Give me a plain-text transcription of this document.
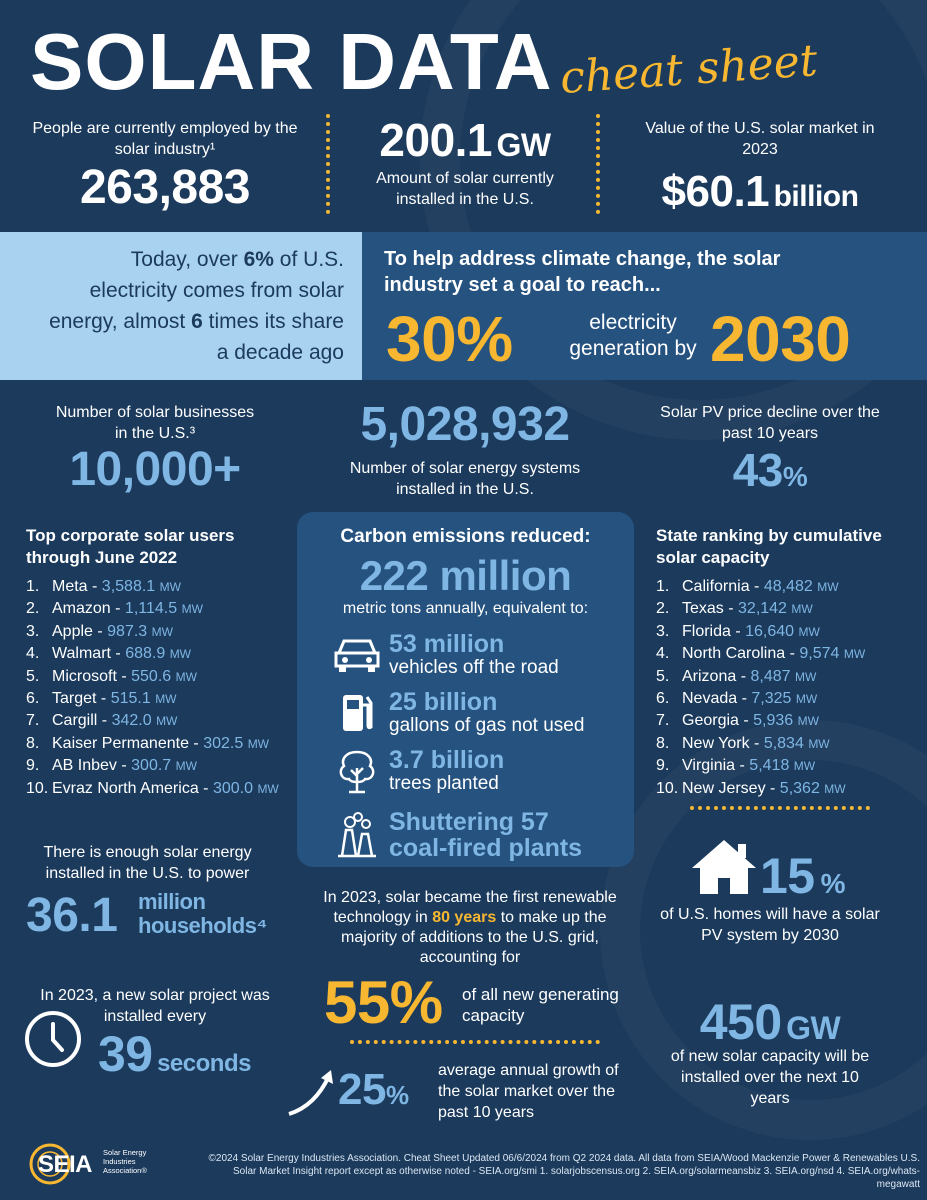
SOLAR DATA cheat sheet
People are currently employed by the solar industry¹
263,883
200.1 GW
Amount of solar currently installed in the U.S.
Value of the U.S. solar market in 2023
$60.1 billion
Today, over 6% of U.S. electricity comes from solar energy, almost 6 times its share a decade ago
To help address climate change, the solar industry set a goal to reach...
30%	electricity generation by 2030
Number of solar businesses in the U.S.³
10,000+
5,028,932
Number of solar energy systems installed in the U.S.
Solar PV price decline over the past 10 years
43%
Top corporate solar users through June 2022
1. Meta - 3,588.1 MW
2. Amazon - 1,114.5 MW
3. Apple - 987.3 MW
4. Walmart - 688.9 MW
5. Microsoft - 550.6 MW
6. Target - 515.1 MW
7. Cargill - 342.0 MW
8. Kaiser Permanente - 302.5 MW
9. AB Inbev - 300.7 MW
10. Evraz North America - 300.0 MW
Carbon emissions reduced:
222 million
metric tons annually, equivalent to:
53 million
vehicles off the road
25 billion
gallons of gas not used
3.7 billion
trees planted
Shuttering 57
coal-fired plants
State ranking by cumulative solar capacity
1. California - 48,482 MW
2. Texas - 32,142 MW
3. Florida - 16,640 MW
4. North Carolina - 9,574 MW
5. Arizona - 8,487 MW
6. Nevada - 7,325 MW
7. Georgia - 5,936 MW
8. New York - 5,834 MW
9. Virginia - 5,418 MW
10. New Jersey - 5,362 MW
There is enough solar energy installed in the U.S. to power
36.1 million
households⁴
In 2023, a new solar project was installed every
39 seconds
In 2023, solar became the first renewable technology in 80 years to make up the majority of additions to the U.S. grid, accounting for
55% of all new generating capacity
25%
average annual growth of the solar market over the past 10 years
15 %
of U.S. homes will have a solar PV system by 2030
450 GW
of new solar capacity will be installed over the next 10 years
SEIA Solar Energy Industries Association®
©2024 Solar Energy Industries Association. Cheat Sheet Updated 06/6/2024 from Q2 2024 data. All data from SEIA/Wood Mackenzie Power & Renewables U.S. Solar Market Insight report except as otherwise noted - SEIA.org/smi 1. solarjobscensus.org 2. SEIA.org/solarmeansbiz 3. SEIA.org/nsd 4. SEIA.org/whats-megawatt
